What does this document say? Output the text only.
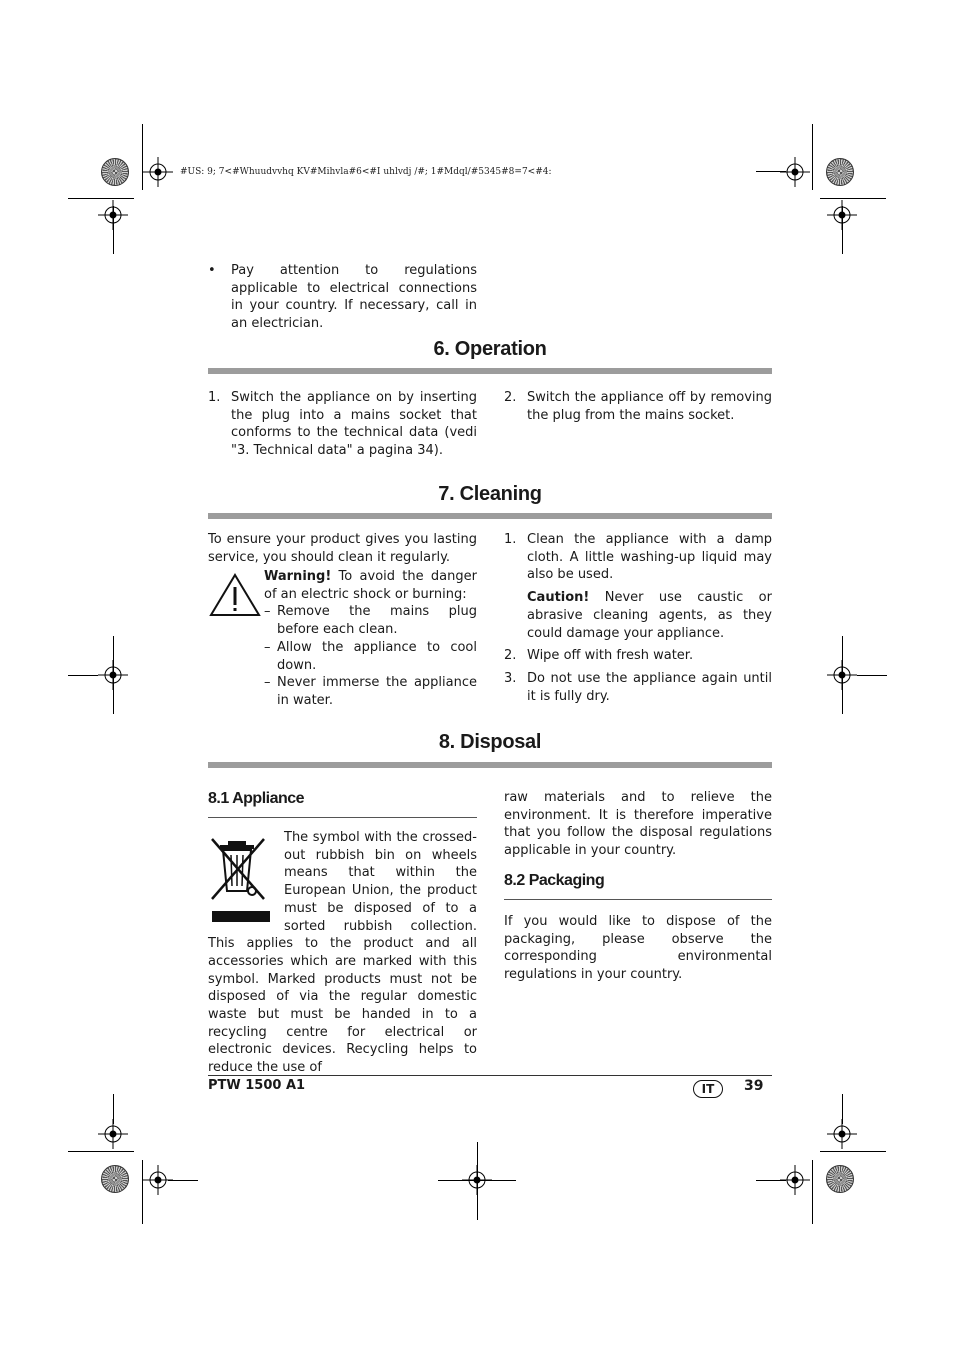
#US: 9; 7<#Whuudvvhq KV#Mihvla#6<#I uhlvdj /#; 1#Mdql/#5345#8=7<#4:
• Pay attention to regulations applicable to electrical connections in your country. If necessary, call in an electrician.
6. Operation
1. Switch the appliance on by inserting the plug into a mains socket that conforms to the technical data (vedi "3. Technical data" a pagina 34).
2. Switch the appliance off by removing the plug from the mains socket.
7. Cleaning

To ensure your product gives you lasting service, you should clean it regularly.

Warning! To avoid the danger of an electric shock or burning:

– Remove the mains plug before each clean.
– Allow the appliance to cool down.
– Never immerse the appliance in water.
1. Clean the appliance with a damp cloth. A little washing-up liquid may also be used.
Caution! Never use caustic or abrasive cleaning agents, as they could damage your appliance.
2. Wipe off with fresh water.
3. Do not use the appliance again until it is fully dry.
8. Disposal
8.1 Appliance

The symbol with the crossed-out rubbish bin on wheels means that within the European Union, the product must be disposed of to a sorted rubbish collection. This applies to the product and all accessories which are marked with this symbol. Marked products must not be disposed of via the regular domestic waste but must be handed in to a recycling centre for electrical or electronic devices. Recycling helps to reduce the use of

raw materials and to relieve the environment. It is therefore imperative that you follow the disposal regulations applicable in your country.

8.2 Packaging

If you would like to dispose of the packaging, please observe the corresponding environmental regulations in your country.

PTW 1500 A1	IT	39
